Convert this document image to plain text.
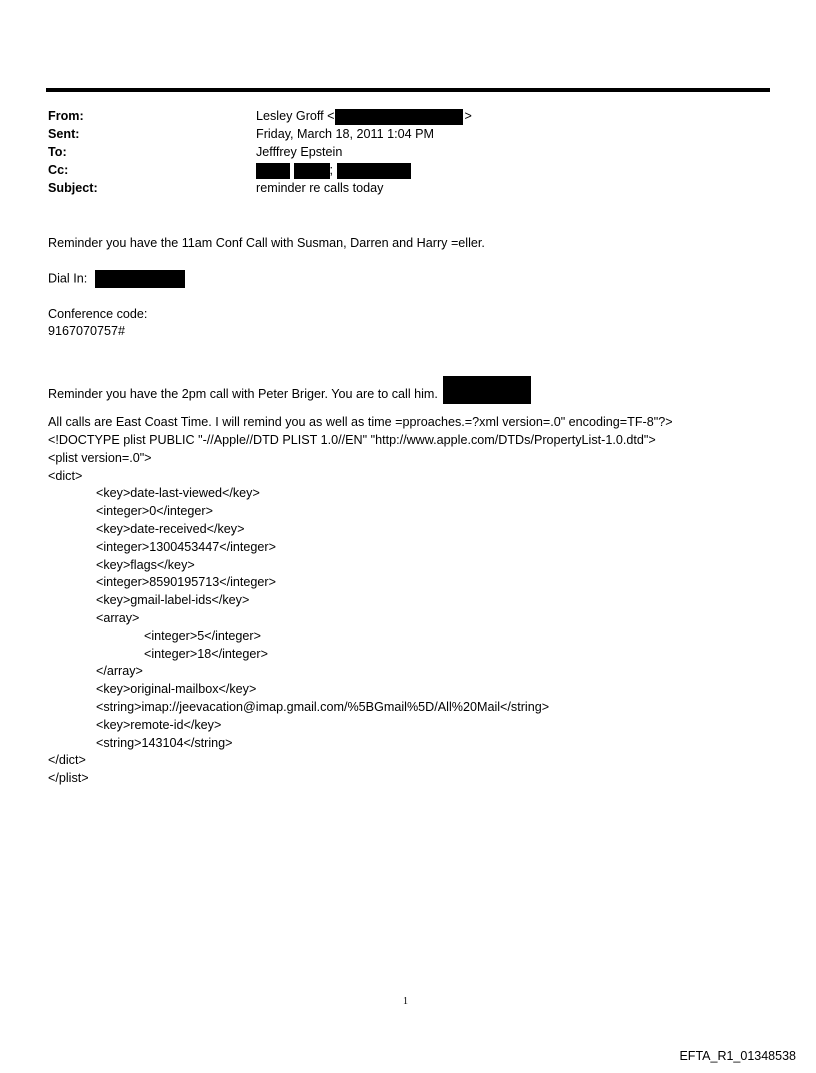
From:	Lesley Groff <	>
Sent:	Friday, March 18, 2011 1:04 PM
To:	Jefffrey Epstein
Cc:	;
Subject:	reminder re calls today
Reminder you have the 11am Conf Call with Susman, Darren and Harry =eller.
Dial In:
Conference code:
9167070757#
Reminder you have the 2pm call with Peter Briger. You are to call him.
All calls are East Coast Time. I will remind you as well as time =pproaches.=?xml version=.0" encoding=TF-8"?>
<!DOCTYPE plist PUBLIC "-//Apple//DTD PLIST 1.0//EN" "http://www.apple.com/DTDs/PropertyList-1.0.dtd">
<plist version=.0">
<dict>
<key>date-last-viewed</key>
<integer>0</integer>
<key>date-received</key>
<integer>1300453447</integer>
<key>flags</key>
<integer>8590195713</integer>
<key>gmail-label-ids</key>
<array>
<integer>5</integer>
<integer>18</integer>
</array>
<key>original-mailbox</key>
<string>imap://jeevacation@imap.gmail.com/%5BGmail%5D/All%20Mail</string>
<key>remote-id</key>
<string>143104</string>
</dict>
</plist>
1
EFTA_R1_01348538
